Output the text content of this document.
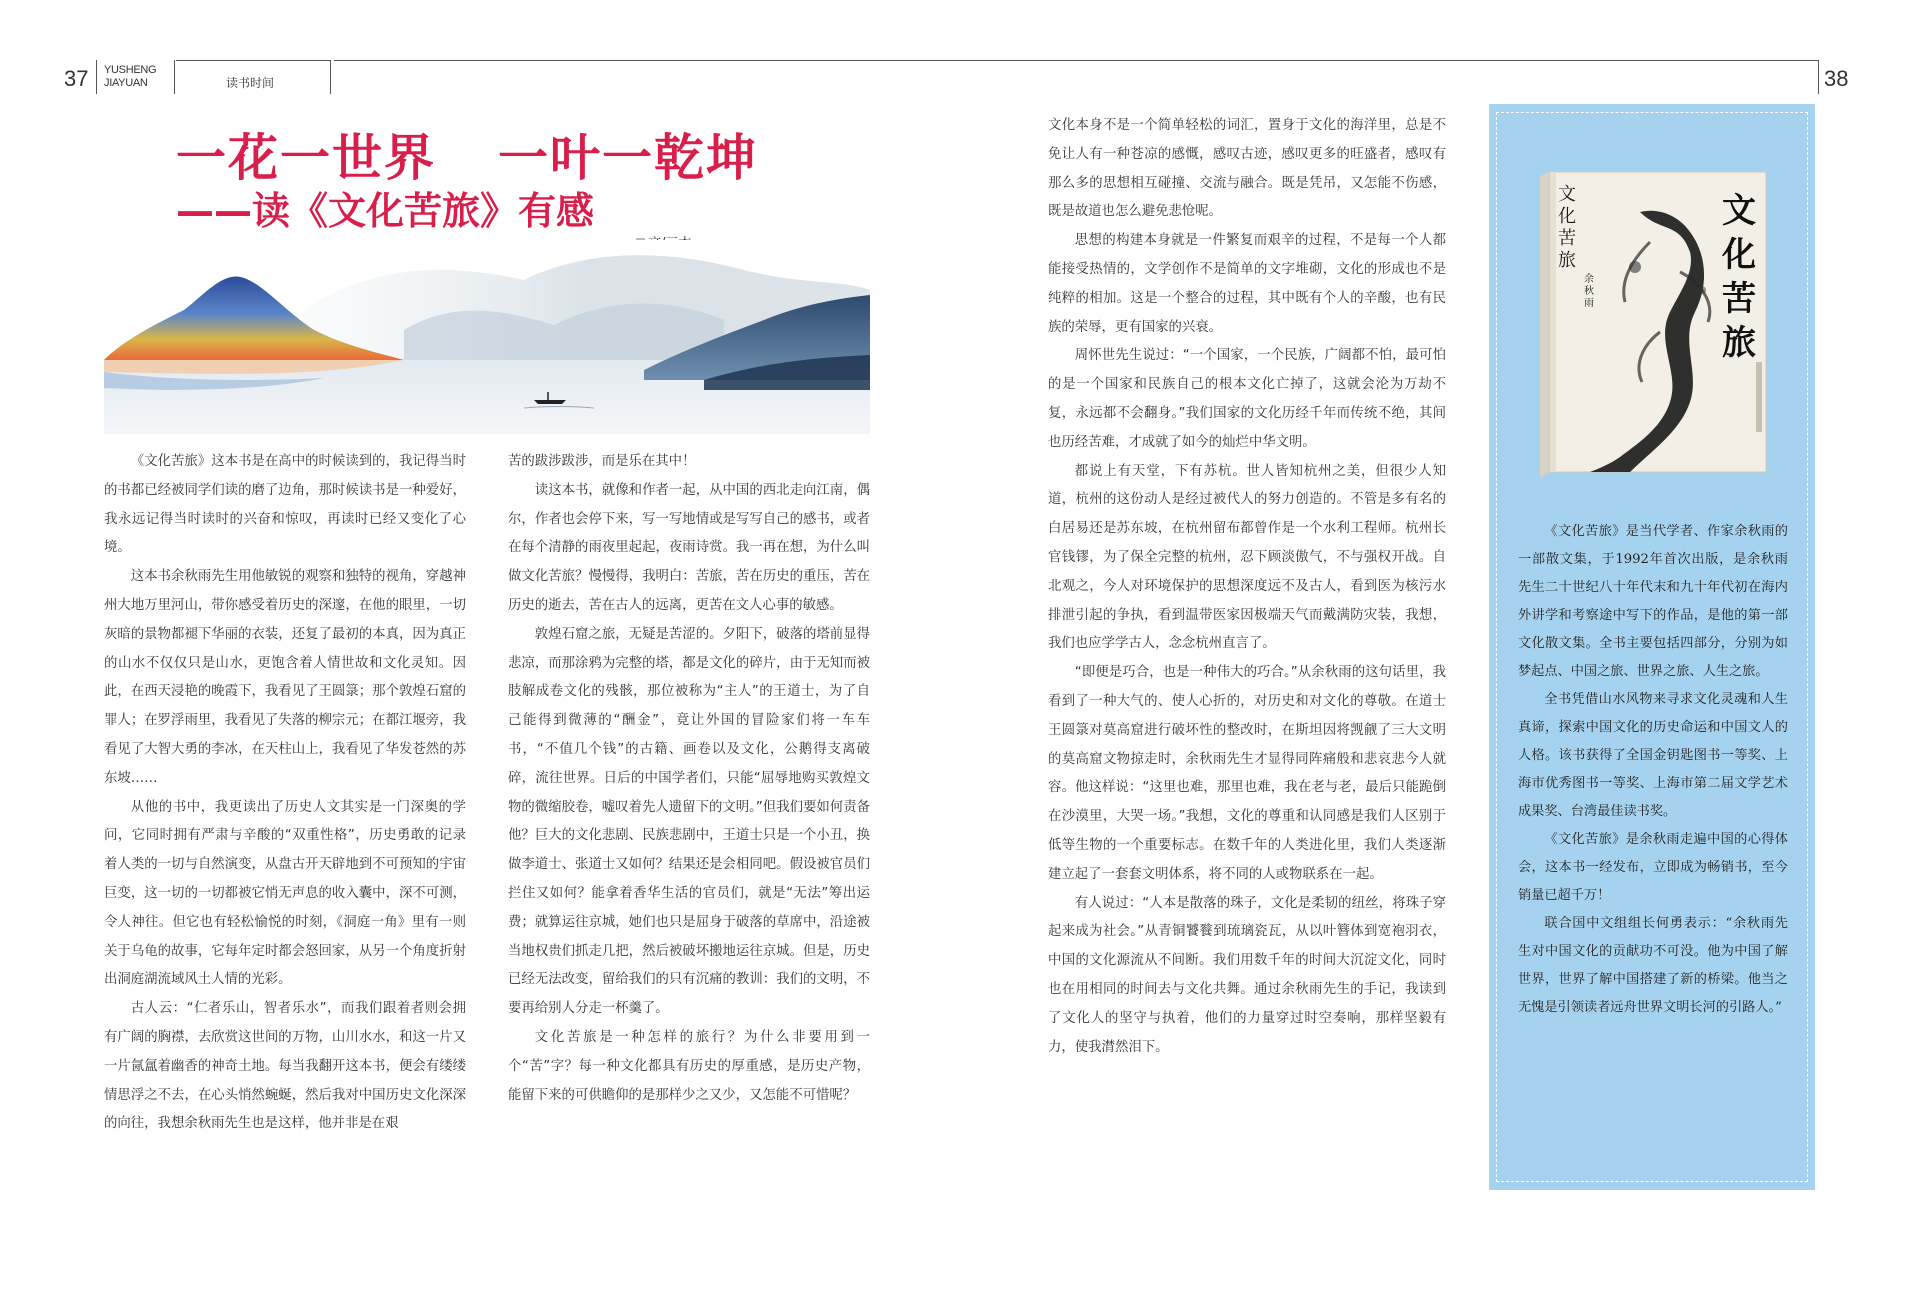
37 YUSHENG
JIAYUAN	读书时间	38
一花一世界 一叶一乾坤
——读《文化苦旅》有感

《文化苦旅》这本书是在高中的时候读到的，我记得当时的书都已经被同学们读的磨了边角，那时候读书是一种爱好，我永远记得当时读时的兴奋和惊叹，再读时已经又变化了心境。

这本书余秋雨先生用他敏锐的观察和独特的视角，穿越神州大地万里河山，带你感受着历史的深邃，在他的眼里，一切灰暗的景物都褪下华丽的衣装，还复了最初的本真，因为真正的山水不仅仅只是山水，更饱含着人情世故和文化灵知。因此，在西天浸艳的晚霞下，我看见了王圆箓；那个敦煌石窟的罪人；在罗浮雨里，我看见了失落的柳宗元；在都江堰旁，我看见了大智大勇的李冰，在天柱山上，我看见了华发苍然的苏东坡……

从他的书中，我更读出了历史人文其实是一门深奥的学问，它同时拥有严肃与辛酸的“双重性格”，历史勇敢的记录着人类的一切与自然演变，从盘古开天辟地到不可预知的宇宙巨变，这一切的一切都被它悄无声息的收入囊中，深不可测，令人神往。但它也有轻松愉悦的时刻，《洞庭一角》里有一则关于乌龟的故事，它每年定时都会怒回家，从另一个角度折射出洞庭湖流域风土人情的光彩。

古人云：“仁者乐山，智者乐水”，而我们跟着者则会拥有广阔的胸襟，去欣赏这世间的万物，山川水水，和这一片又一片氤氲着幽香的神奇土地。每当我翻开这本书，便会有缕缕情思浮之不去，在心头悄然蜿蜒，然后我对中国历史文化深深的向往，我想余秋雨先生也是这样，他并非是在艰

苦的跋涉跋涉，而是乐在其中！

读这本书，就像和作者一起，从中国的西北走向江南，偶尔，作者也会停下来，写一写地情或是写写自己的感书，或者在每个清静的雨夜里起起，夜雨诗赏。我一再在想，为什么叫做文化苦旅？慢慢得，我明白：苦旅，苦在历史的重压，苦在历史的逝去，苦在古人的远离，更苦在文人心事的敏感。

敦煌石窟之旅，无疑是苦涩的。夕阳下，破落的塔前显得悲凉，而那涂鸦为完整的塔，都是文化的碎片，由于无知而被肢解成卷文化的残骸，那位被称为“主人”的王道士，为了自己能得到微薄的“酬金”，竟让外国的冒险家们将一车车书，“不值几个钱”的古籍、画卷以及文化，公鹅得支离破碎，流往世界。日后的中国学者们，只能“屈辱地购买敦煌文物的微缩胶卷，嘘叹着先人遗留下的文明。”但我们要如何责备他？巨大的文化悲剧、民族悲剧中，王道士只是一个小丑，换做李道士、张道士又如何？结果还是会相同吧。假设被官员们拦住又如何？能拿着香华生活的官员们，就是“无法”筹出运费；就算运往京城，她们也只是屈身于破落的草席中，沿途被当地权贵们抓走几把，然后被破坏搬地运往京城。但是，历史已经无法改变，留给我们的只有沉痛的教训：我们的文明，不要再给别人分走一杯羹了。

文化苦旅是一种怎样的旅行？为什么非要用到一个“苦”字？每一种文化都具有历史的厚重感，是历史产物，能留下来的可供瞻仰的是那样少之又少，又怎能不可惜呢？

文化本身不是一个简单轻松的词汇，置身于文化的海洋里，总是不免让人有一种苍凉的感慨，感叹古迹，感叹更多的旺盛者，感叹有那么多的思想相互碰撞、交流与融合。既是凭吊，又怎能不伤感，既是故道也怎么避免悲怆呢。

思想的构建本身就是一件繁复而艰辛的过程，不是每一个人都能接受热情的，文学创作不是简单的文字堆砌，文化的形成也不是纯粹的相加。这是一个整合的过程，其中既有个人的辛酸，也有民族的荣辱，更有国家的兴衰。

周怀世先生说过：“一个国家，一个民族，广阔都不怕，最可怕的是一个国家和民族自己的根本文化亡掉了，这就会沦为万劫不复，永远都不会翻身。”我们国家的文化历经千年而传统不绝，其间也历经苦难，才成就了如今的灿烂中华文明。

都说上有天堂，下有苏杭。世人皆知杭州之美，但很少人知道，杭州的这份动人是经过被代人的努力创造的。不管是多有名的白居易还是苏东坡，在杭州留布都曾作是一个水利工程师。杭州长官钱镠，为了保全完整的杭州，忍下顾淡傲气，不与强权开战。自北观之，今人对环境保护的思想深度远不及古人，看到医为核污水排泄引起的争执，看到温带医家因极端天气而戴满防灾装，我想，我们也应学学古人，念念杭州直言了。

“即便是巧合，也是一种伟大的巧合。”从余秋雨的这句话里，我看到了一种大气的、使人心折的，对历史和对文化的尊敬。在道士王圆箓对莫高窟进行破坏性的整改时，在斯坦因将觊觎了三大文明的莫高窟文物掠走时，余秋雨先生才显得同阵痛般和悲哀悲今人就容。他这样说：“这里也难，那里也难，我在老与老，最后只能跪倒在沙漠里，大哭一场。”我想，文化的尊重和认同感是我们人区别于低等生物的一个重要标志。在数千年的人类进化里，我们人类逐渐建立起了一套套文明体系，将不同的人或物联系在一起。

有人说过：“人本是散落的珠子，文化是柔韧的纽丝，将珠子穿起来成为社会。”从青铜饕餮到琉璃瓷瓦，从以叶簪体到宽袍羽衣，中国的文化源流从不间断。我们用数千年的时间大沉淀文化，同时也在用相同的时间去与文化共舞。通过余秋雨先生的手记，我读到了文化人的坚守与执着，他们的力量穿过时空奏响，那样坚毅有力，使我潸然泪下。

文
化
苦
旅
文
化
苦
旅
余
秋
雨

《文化苦旅》是当代学者、作家余秋雨的一部散文集，于1992年首次出版，是余秋雨先生二十世纪八十年代末和九十年代初在海内外讲学和考察途中写下的作品，是他的第一部文化散文集。全书主要包括四部分，分别为如梦起点、中国之旅、世界之旅、人生之旅。

全书凭借山水风物来寻求文化灵魂和人生真谛，探索中国文化的历史命运和中国文人的人格。该书获得了全国金钥匙图书一等奖、上海市优秀图书一等奖、上海市第二届文学艺术成果奖、台湾最佳读书奖。

《文化苦旅》是余秋雨走遍中国的心得体会，这本书一经发布，立即成为畅销书，至今销量已超千万！

联合国中文组组长何勇表示：“余秋雨先生对中国文化的贡献功不可没。他为中国了解世界，世界了解中国搭建了新的桥梁。他当之无愧是引领读者远舟世界文明长河的引路人。”
